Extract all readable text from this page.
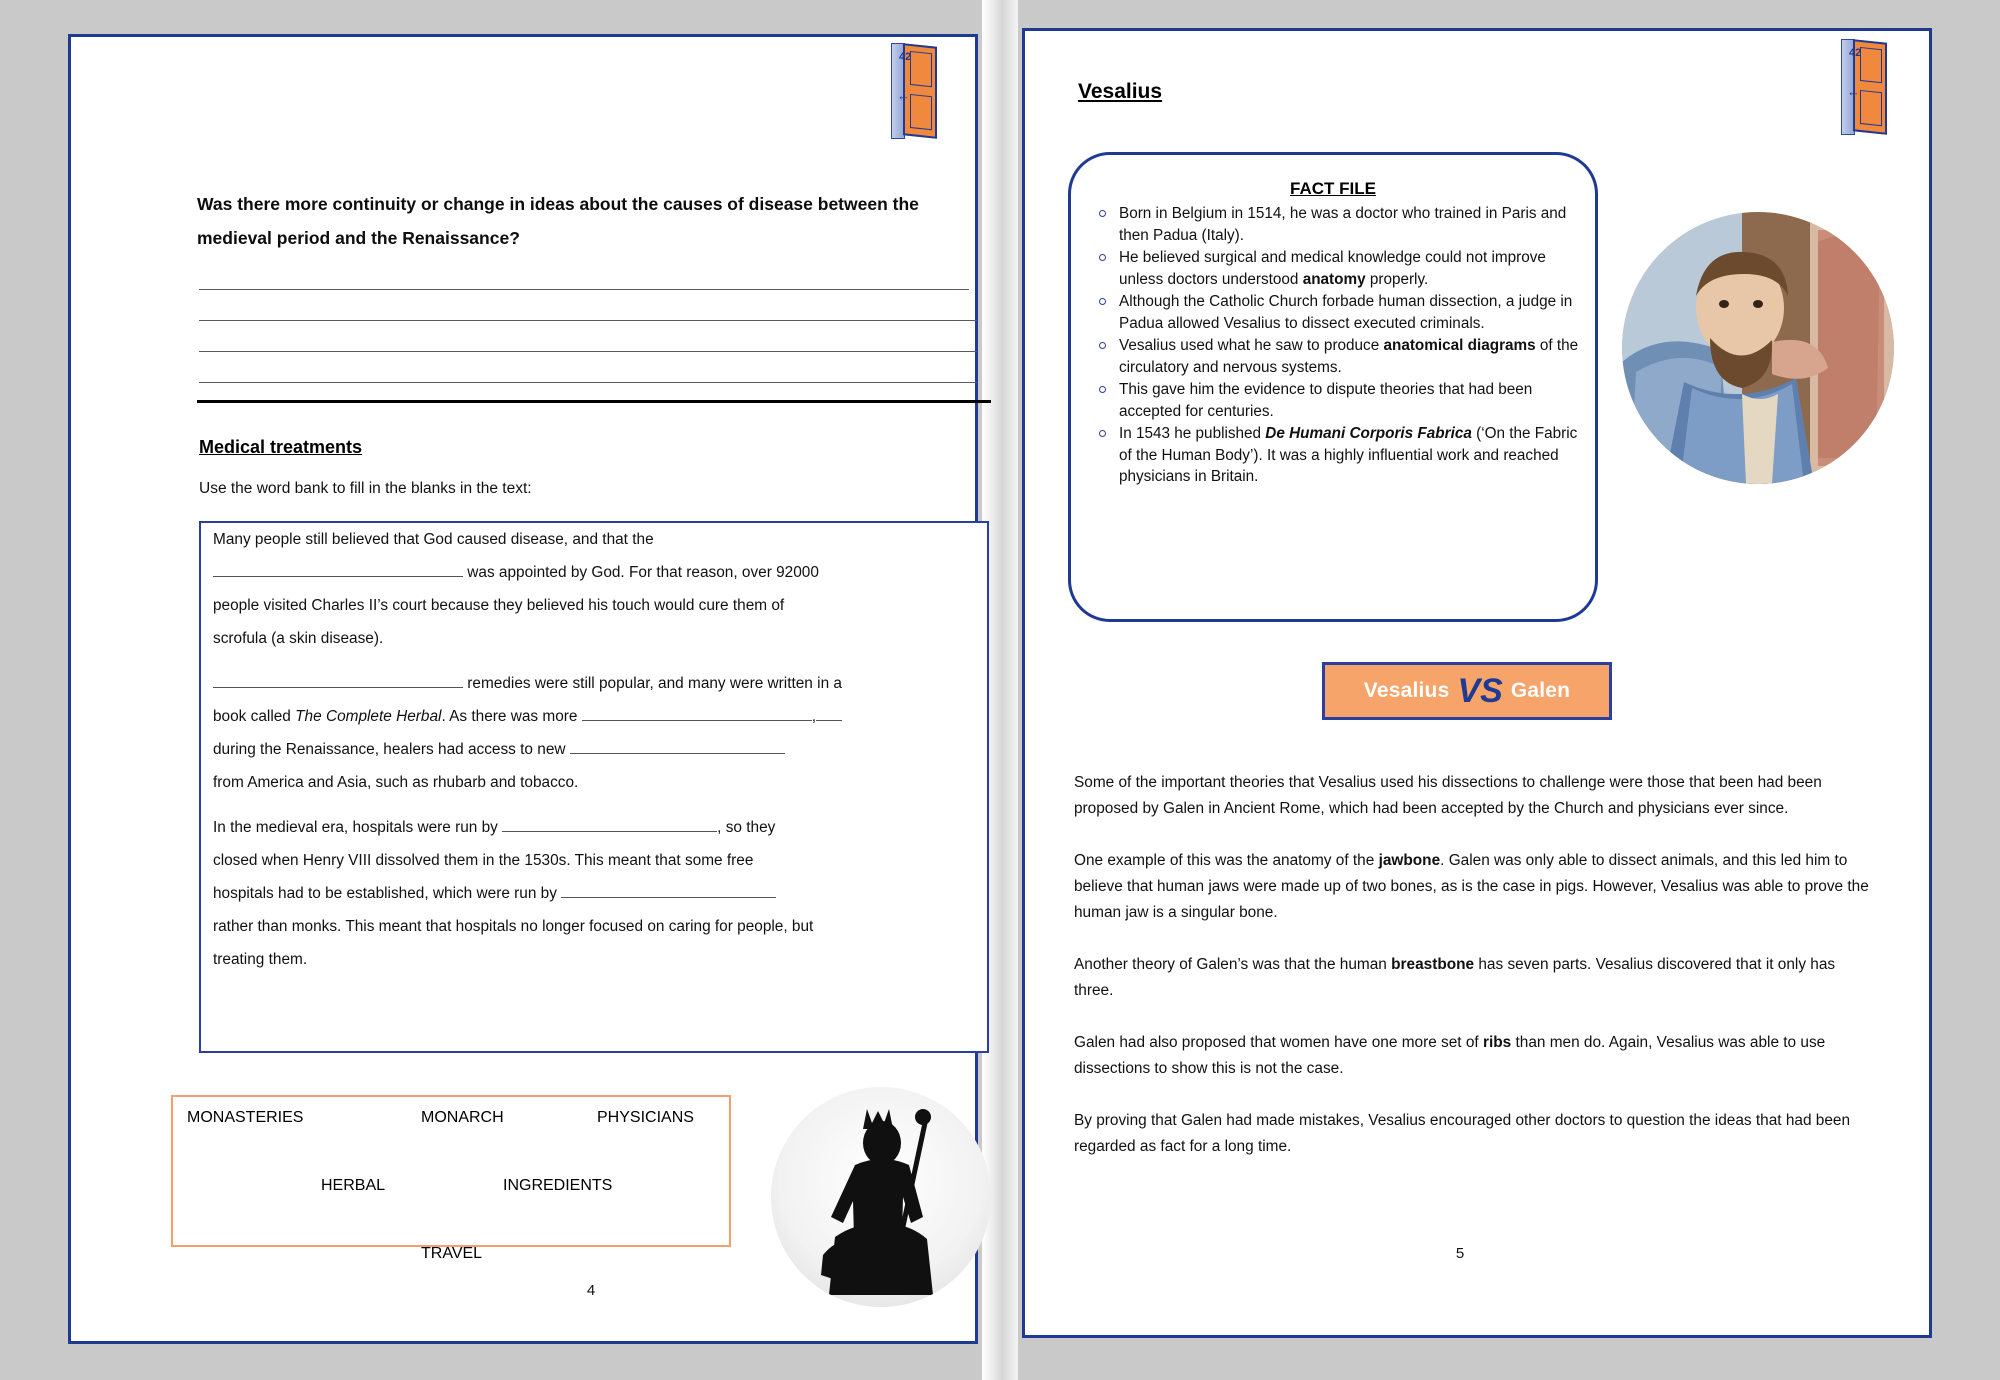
42
←
Was there more continuity or change in ideas about the causes of disease between the medieval period and the Renaissance?
Medical treatments
Use the word bank to fill in the blanks in the text:

Many people still believed that God caused disease, and that the
was appointed by God. For that reason, over 92000
people visited Charles II’s court because they believed his touch would cure them of
scrofula (a skin disease).

remedies were still popular, and many were written in a
book called The Complete Herbal. As there was more	,
during the Renaissance, healers had access to new
from America and Asia, such as rhubarb and tobacco.

In the medieval era, hospitals were run by	, so they
closed when Henry VIII dissolved them in the 1530s. This meant that some free
hospitals had to be established, which were run by
rather than monks. This meant that hospitals no longer focused on caring for people, but
treating them.

MONASTERIES	MONARCH	PHYSICIANS
HERBAL	INGREDIENTS
TRAVEL
4
42
←
Vesalius
FACT FILE
Born in Belgium in 1514, he was a doctor who trained in Paris and then Padua (Italy).
He believed surgical and medical knowledge could not improve unless doctors understood anatomy properly.
Although the Catholic Church forbade human dissection, a judge in Padua allowed Vesalius to dissect executed criminals.
Vesalius used what he saw to produce anatomical diagrams of the circulatory and nervous systems.
This gave him the evidence to dispute theories that had been accepted for centuries.
In 1543 he published De Humani Corporis Fabrica (‘On the Fabric of the Human Body’). It was a highly influential work and reached physicians in Britain.
Vesalius VS Galen

Some of the important theories that Vesalius used his dissections to challenge were those that been had been proposed by Galen in Ancient Rome, which had been accepted by the Church and physicians ever since.

One example of this was the anatomy of the jawbone. Galen was only able to dissect animals, and this led him to believe that human jaws were made up of two bones, as is the case in pigs. However, Vesalius was able to prove the human jaw is a singular bone.

Another theory of Galen’s was that the human breastbone has seven parts. Vesalius discovered that it only has three.

Galen had also proposed that women have one more set of ribs than men do. Again, Vesalius was able to use dissections to show this is not the case.

By proving that Galen had made mistakes, Vesalius encouraged other doctors to question the ideas that had been regarded as fact for a long time.

5
